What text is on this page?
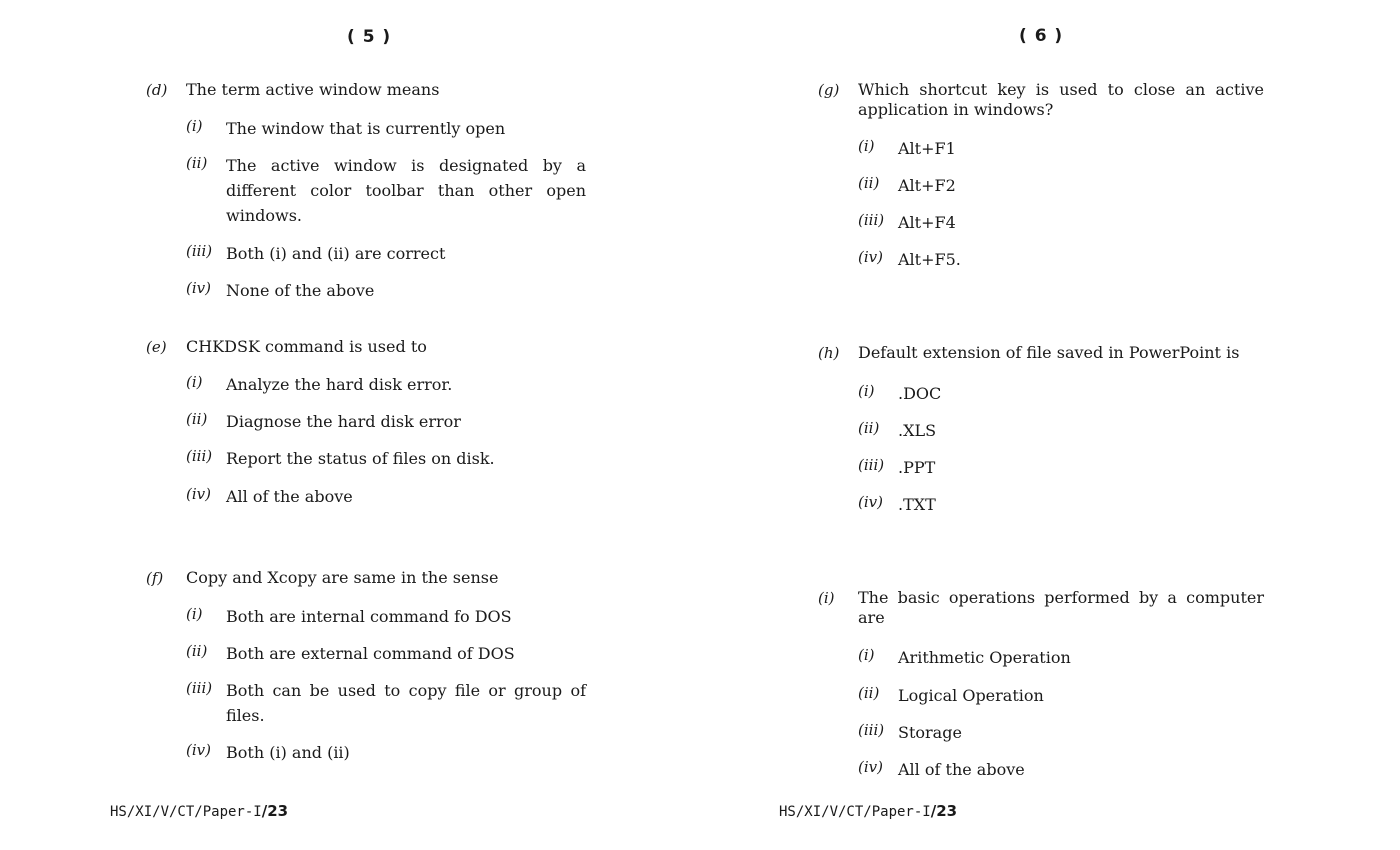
( 5 )
(d) The term active window means
(i) The window that is currently open
(ii) The active window is designated by a different color toolbar than other open windows.
(iii) Both (i) and (ii) are correct
(iv) None of the above
(e) CHKDSK command is used to
(i) Analyze the hard disk error.
(ii) Diagnose the hard disk error
(iii) Report the status of files on disk.
(iv) All of the above
(f) Copy and Xcopy are same in the sense
(i) Both are internal command fo DOS
(ii) Both are external command of DOS
(iii) Both can be used to copy file or group of files.
(iv) Both (i) and (ii)
HS/XI/V/CT/Paper-I/23
( 6 )
(g) Which shortcut key is used to close an active application in windows?
(i) Alt+F1
(ii) Alt+F2
(iii) Alt+F4
(iv) Alt+F5.
(h) Default extension of file saved in PowerPoint is
(i) .DOC
(ii) .XLS
(iii) .PPT
(iv) .TXT
(i) The basic operations performed by a computer are
(i) Arithmetic Operation
(ii) Logical Operation
(iii) Storage
(iv) All of the above
HS/XI/V/CT/Paper-I/23
